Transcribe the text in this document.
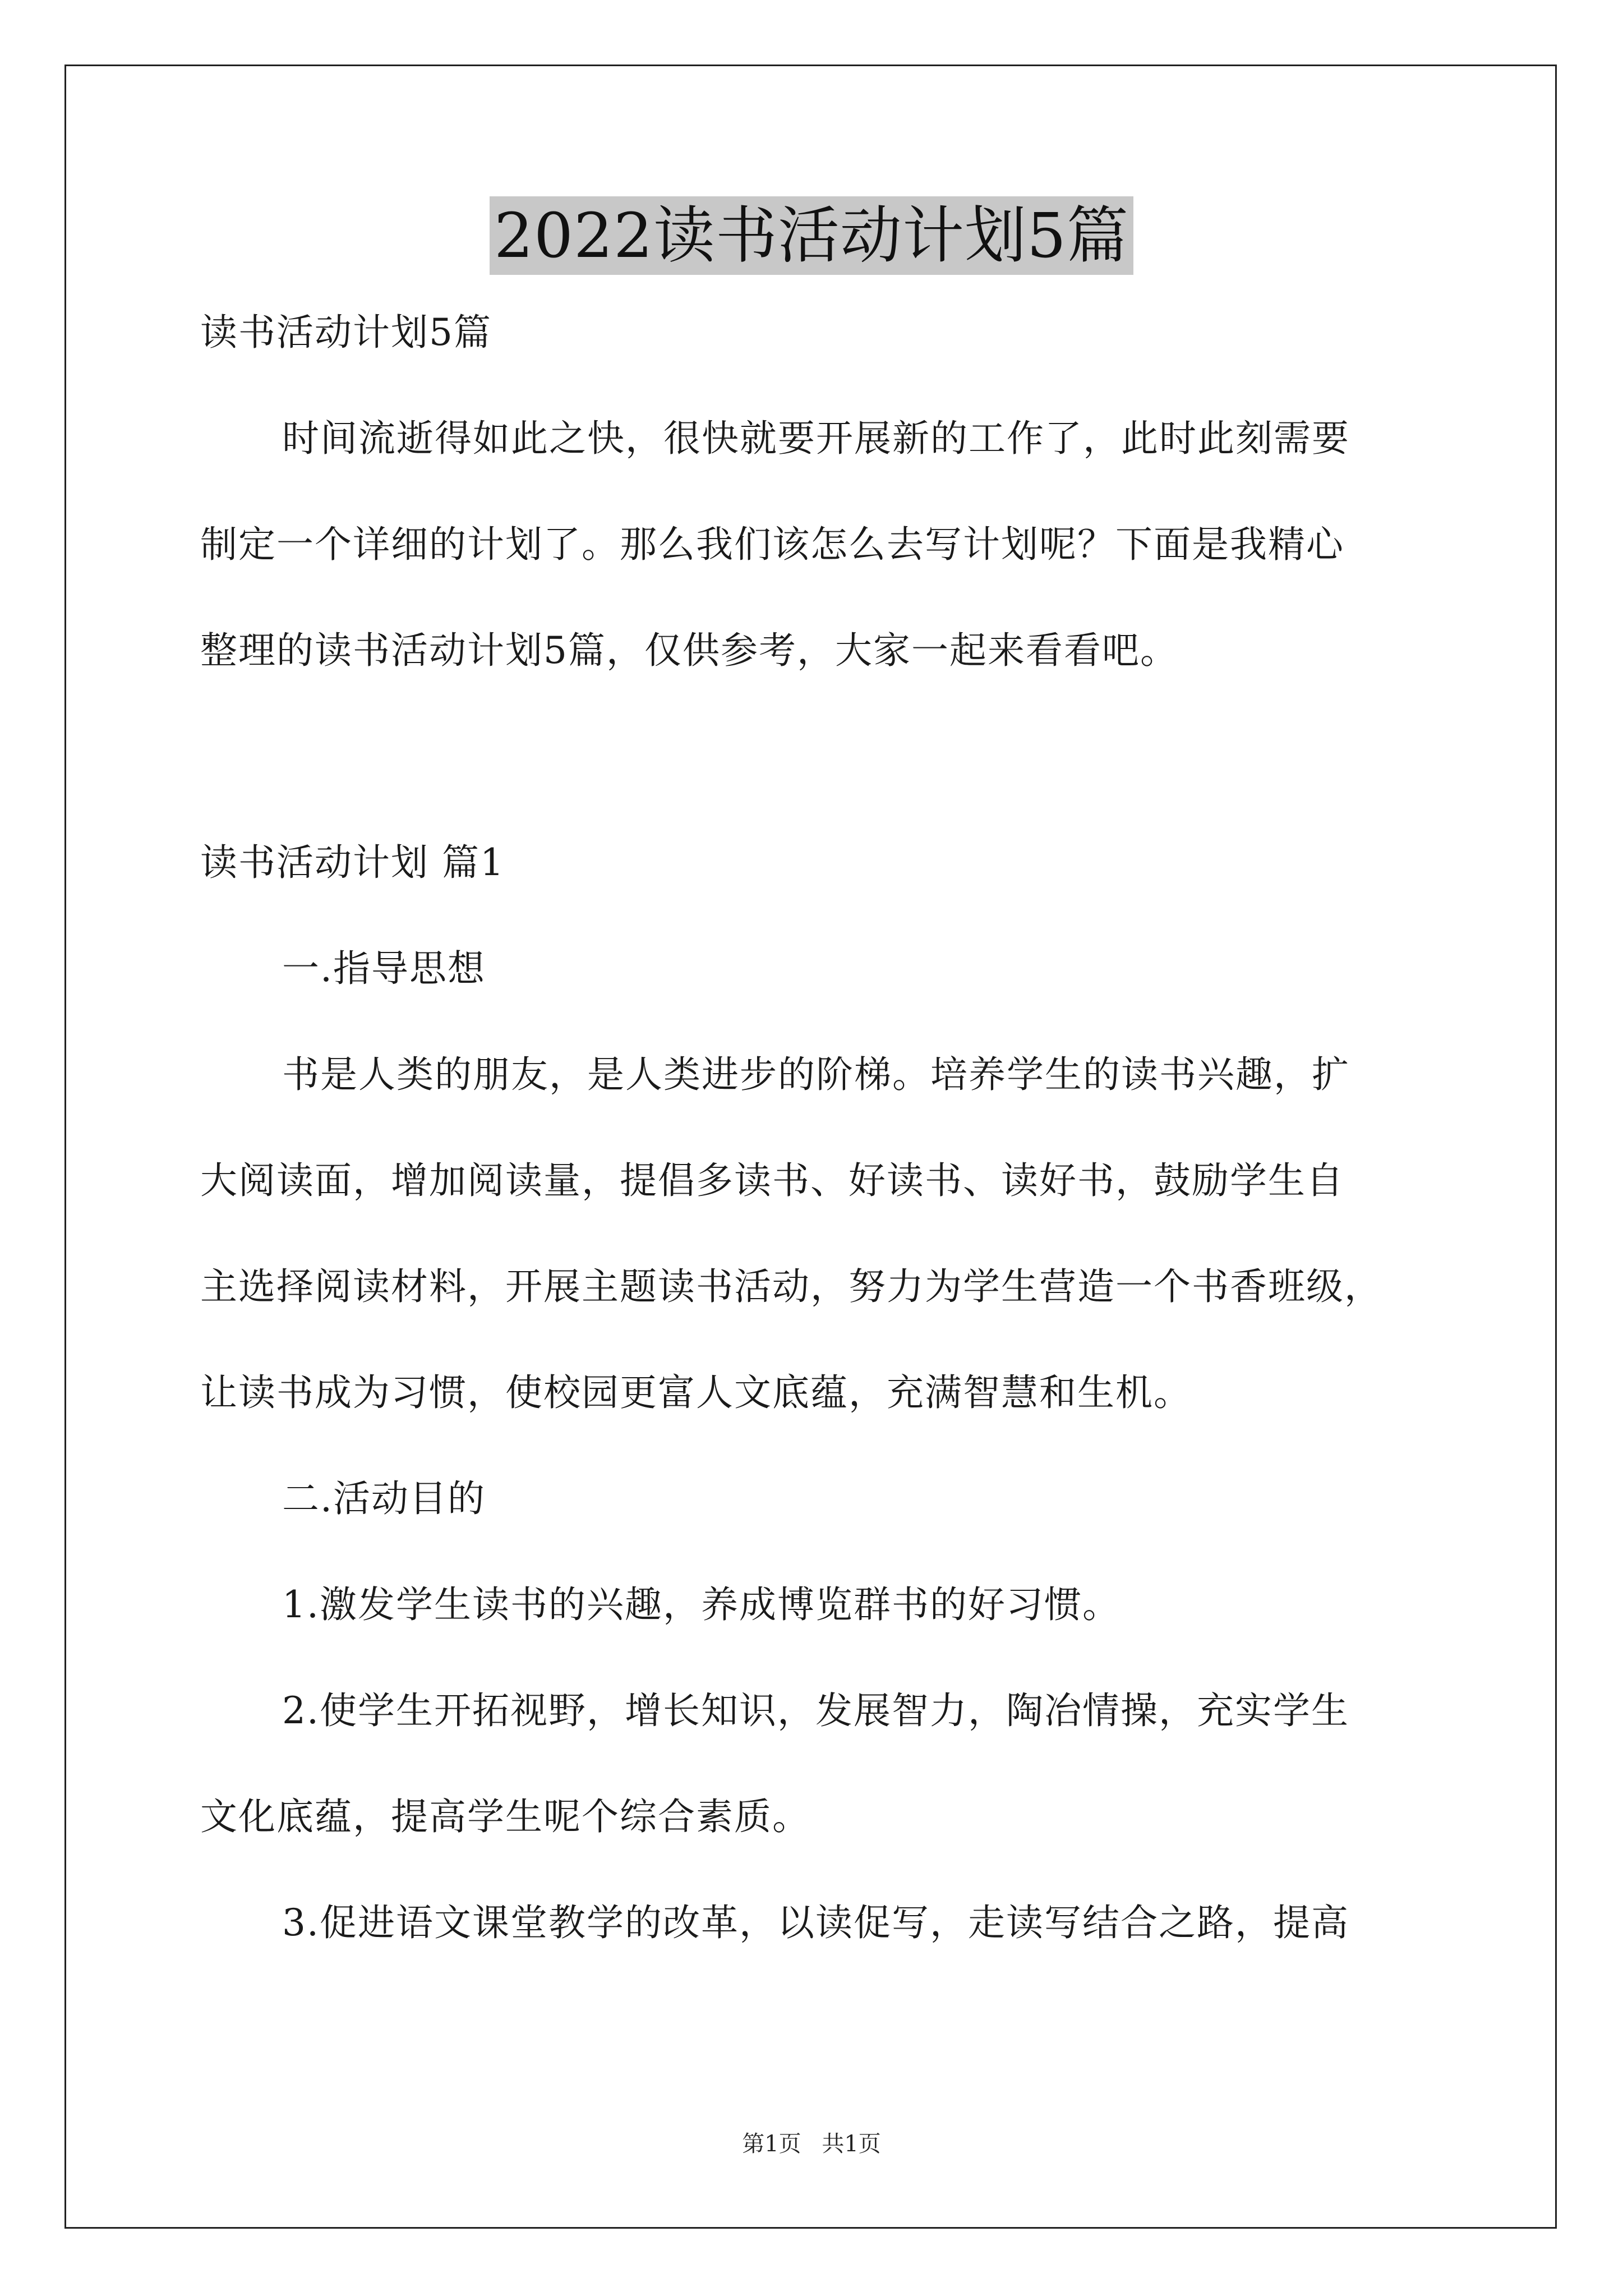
2022读书活动计划5篇

读书活动计划5篇

时间流逝得如此之快，很快就要开展新的工作了，此时此刻需要

制定一个详细的计划了。那么我们该怎么去写计划呢？下面是我精心

整理的读书活动计划5篇，仅供参考，大家一起来看看吧。

读书活动计划 篇1

一.指导思想

书是人类的朋友，是人类进步的阶梯。培养学生的读书兴趣，扩

大阅读面，增加阅读量，提倡多读书、好读书、读好书，鼓励学生自

主选择阅读材料，开展主题读书活动，努力为学生营造一个书香班级，

让读书成为习惯，使校园更富人文底蕴，充满智慧和生机。

二.活动目的

1.激发学生读书的兴趣，养成博览群书的好习惯。

2.使学生开拓视野，增长知识，发展智力，陶冶情操，充实学生

文化底蕴，提高学生呢个综合素质。

3.促进语文课堂教学的改革，以读促写，走读写结合之路，提高

第1页 共1页
